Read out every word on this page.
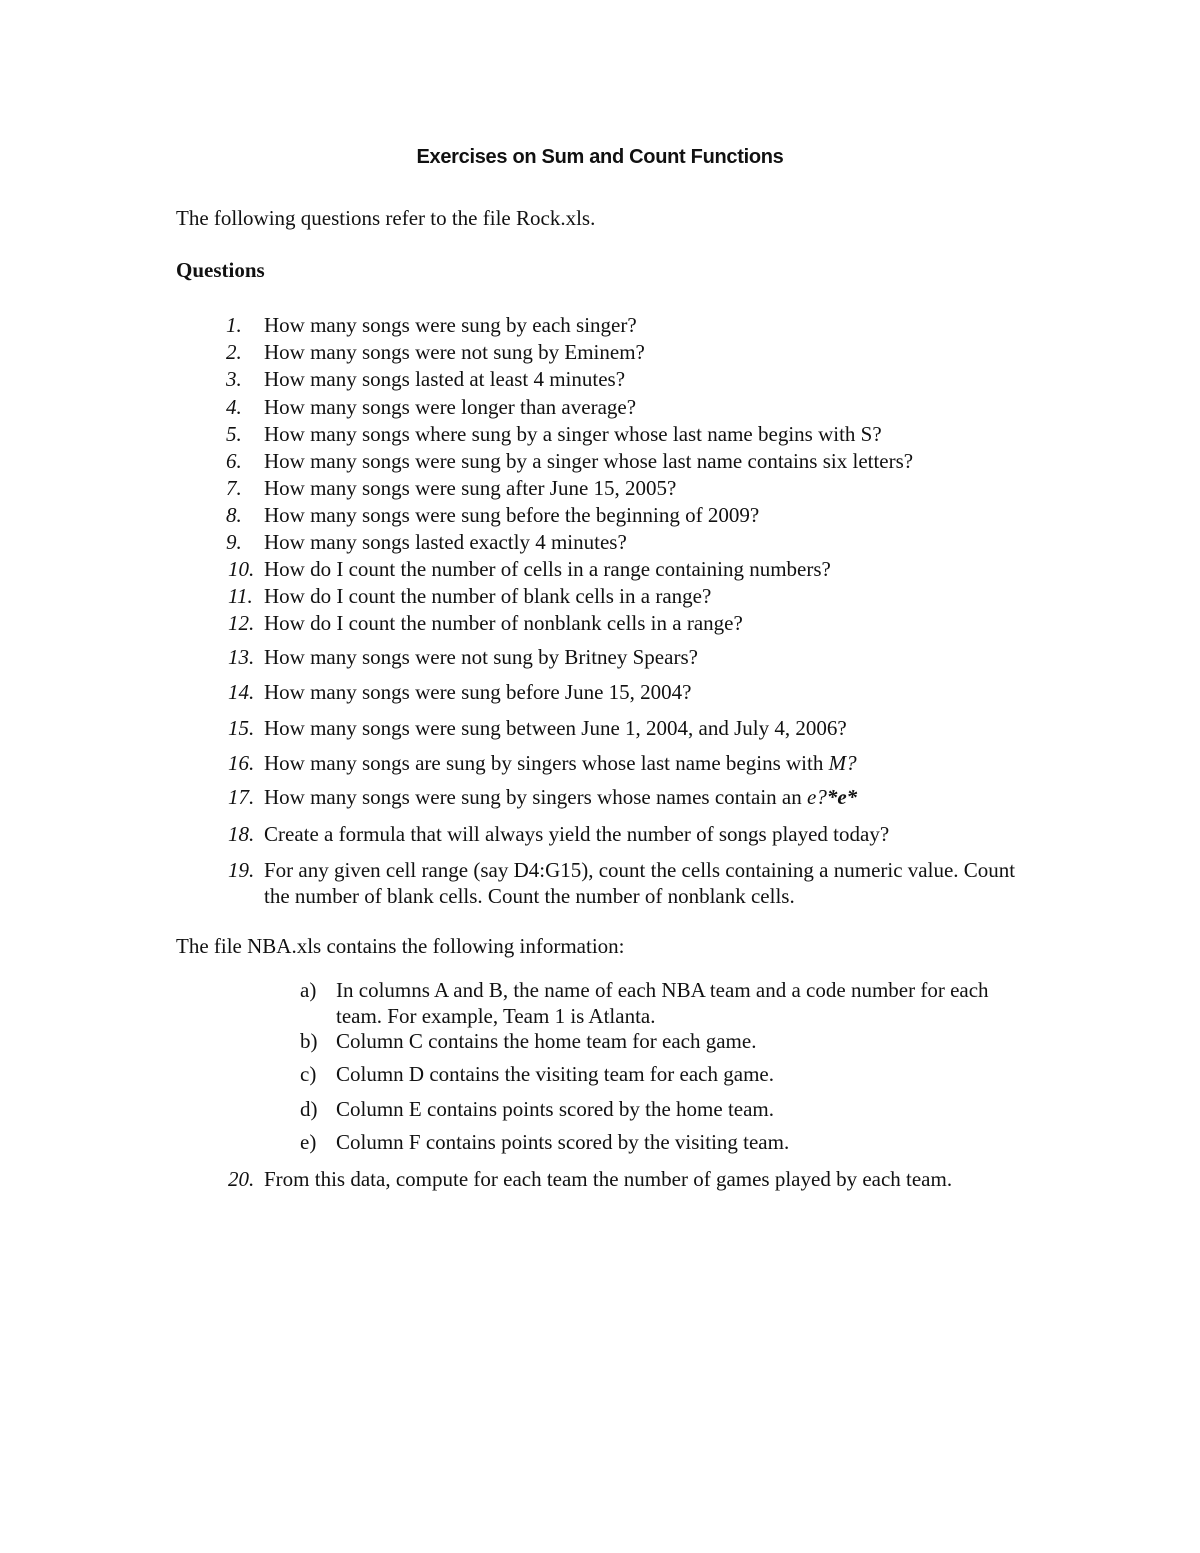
Exercises on Sum and Count Functions
The following questions refer to the file Rock.xls.
Questions
1. How many songs were sung by each singer?
2. How many songs were not sung by Eminem?
3. How many songs lasted at least 4 minutes?
4. How many songs were longer than average?
5. How many songs where sung by a singer whose last name begins with S?
6. How many songs were sung by a singer whose last name contains six letters?
7. How many songs were sung after June 15, 2005?
8. How many songs were sung before the beginning of 2009?
9. How many songs lasted exactly 4 minutes?
10. How do I count the number of cells in a range containing numbers?
11. How do I count the number of blank cells in a range?
12. How do I count the number of nonblank cells in a range?
13. How many songs were not sung by Britney Spears?
14. How many songs were sung before June 15, 2004?
15. How many songs were sung between June 1, 2004, and July 4, 2006?
16. How many songs are sung by singers whose last name begins with M?
17. How many songs were sung by singers whose names contain an e?*e*
18. Create a formula that will always yield the number of songs played today?
19. For any given cell range (say D4:G15), count the cells containing a numeric value. Count the number of blank cells. Count the number of nonblank cells.
The file NBA.xls contains the following information:
a) In columns A and B, the name of each NBA team and a code number for each team. For example, Team 1 is Atlanta.
b) Column C contains the home team for each game.
c) Column D contains the visiting team for each game.
d) Column E contains points scored by the home team.
e) Column F contains points scored by the visiting team.
20. From this data, compute for each team the number of games played by each team.
